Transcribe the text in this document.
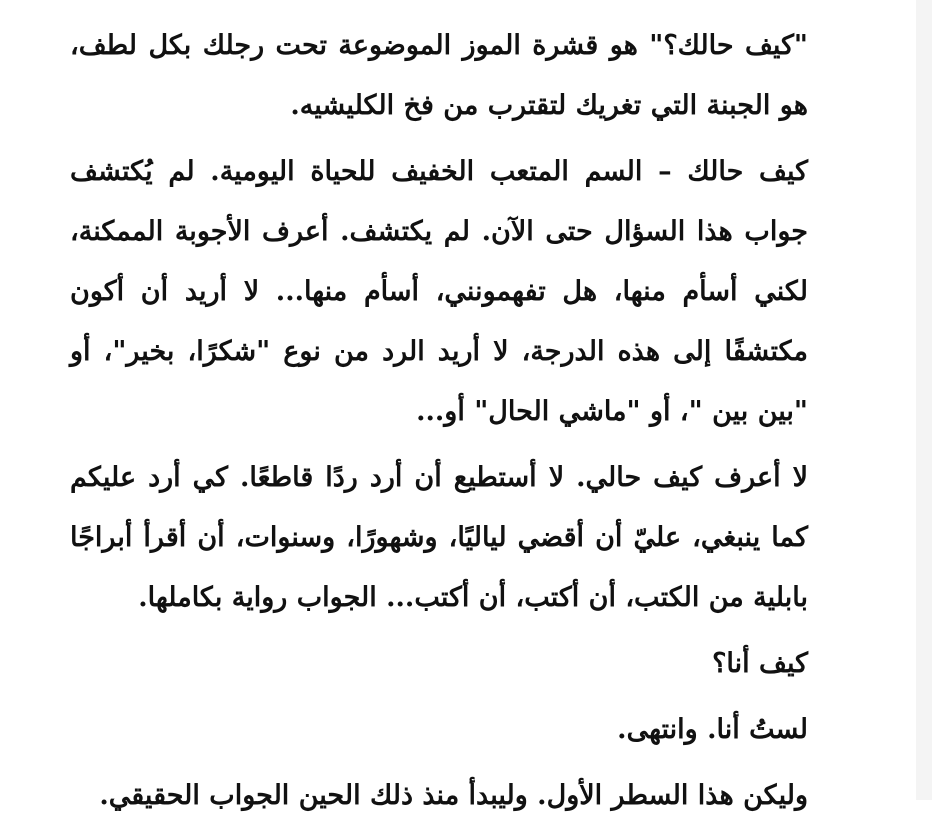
"كيف حالك؟" هو قشرة الموز الموضوعة تحت رجلك بكل لطف، هو الجبنة التي تغريك لتقترب من فخ الكليشيه.

كيف حالك – السم المتعب الخفيف للحياة اليومية. لم يُكتشف جواب هذا السؤال حتى الآن. لم يكتشف. أعرف الأجوبة الممكنة، لكني أسأم منها، هل تفهمونني، أسأم منها... لا أريد أن أكون مكتشفًا إلى هذه الدرجة، لا أريد الرد من نوع "شكرًا، بخير"، أو "بين بين "، أو "ماشي الحال" أو...

لا أعرف كيف حالي. لا أستطيع أن أرد ردًا قاطعًا. كي أرد عليكم كما ينبغي، عليّ أن أقضي لياليًا، وشهورًا، وسنوات، أن أقرأ أبراجًا بابلية من الكتب، أن أكتب، أن أكتب... الجواب رواية بكاملها.

كيف أنا؟

لستُ أنا. وانتهى.

وليكن هذا السطر الأول. وليبدأ منذ ذلك الحين الجواب الحقيقي.
